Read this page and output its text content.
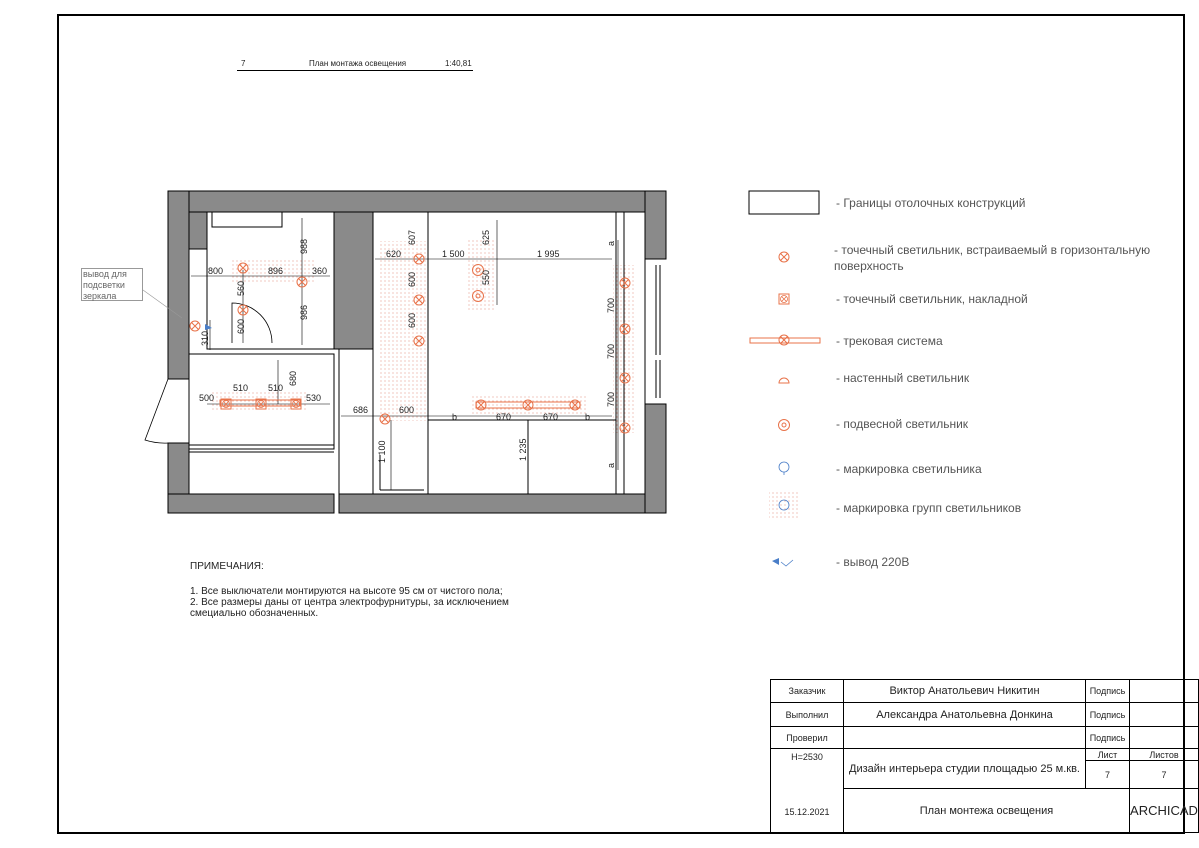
7	План монтажа освещения	1:40,81
800	896	360
988
986
560
600
310
500
510 510
530
680
620
607
600
600
1 500
625
550
1 995
700
700
700
a
a
686	600
b	670	670	b
1 100	1 235
вывод для подсветки зеркала
- Границы отолочных конструкций
- точечный светильник, встраиваемый в горизонтальную поверхность
- точечный светильник, накладной
- трековая система
- настенный светильник
- подвесной светильник
- маркировка светильника
- маркировка групп светильников
- вывод 220В
ПРИМЕЧАНИЯ:
1. Все выключатели монтируются на высоте 95 см от чистого пола;
2. Все размеры даны от центра электрофурнитуры, за исключением смециально обозначенных.
Заказчик	Виктор Анатольевич Никитин	Подпись	
Выполнил	Александра Анатольевна Донкина	Подпись	
Проверил		Подпись	

Н=2530
15.12.2021	Дизайн интерьера студии площадью 25 м.кв.	Лист	Листов
		7	7
	План монтежа освещения		ARCHICAD
